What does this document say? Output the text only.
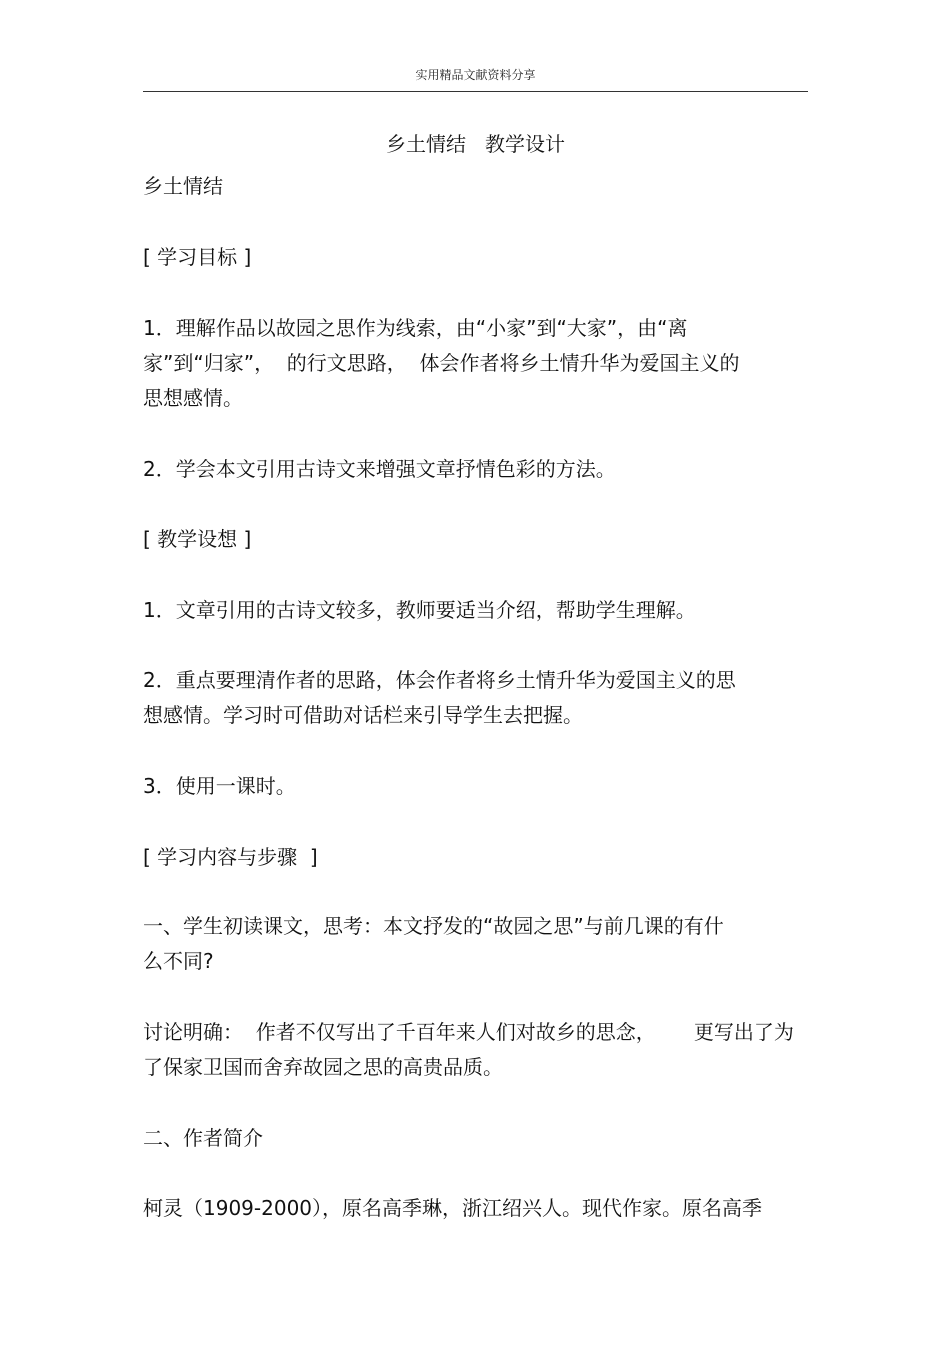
实用精品文献资料分享
乡土情结   教学设计
乡土情结
[ 学习目标 ]
1．理解作品以故园之思作为线索，由“小家”到“大家”，由“离
家”到“归家”，  的行文思路，  体会作者将乡土情升华为爱国主义的
思想感情。
2．学会本文引用古诗文来增强文章抒情色彩的方法。
[ 教学设想 ]
1．文章引用的古诗文较多，教师要适当介绍，帮助学生理解。
2．重点要理清作者的思路，体会作者将乡土情升华为爱国主义的思
想感情。学习时可借助对话栏来引导学生去把握。
3．使用一课时。
[ 学习内容与步骤  ]
一、学生初读课文，思考：本文抒发的“故园之思”与前几课的有什
么不同?
讨论明确：  作者不仅写出了千百年来人们对故乡的思念，      更写出了为
了保家卫国而舍弃故园之思的高贵品质。
二、作者简介
柯灵（1909-2000），原名高季琳，浙江绍兴人。现代作家。原名高季
